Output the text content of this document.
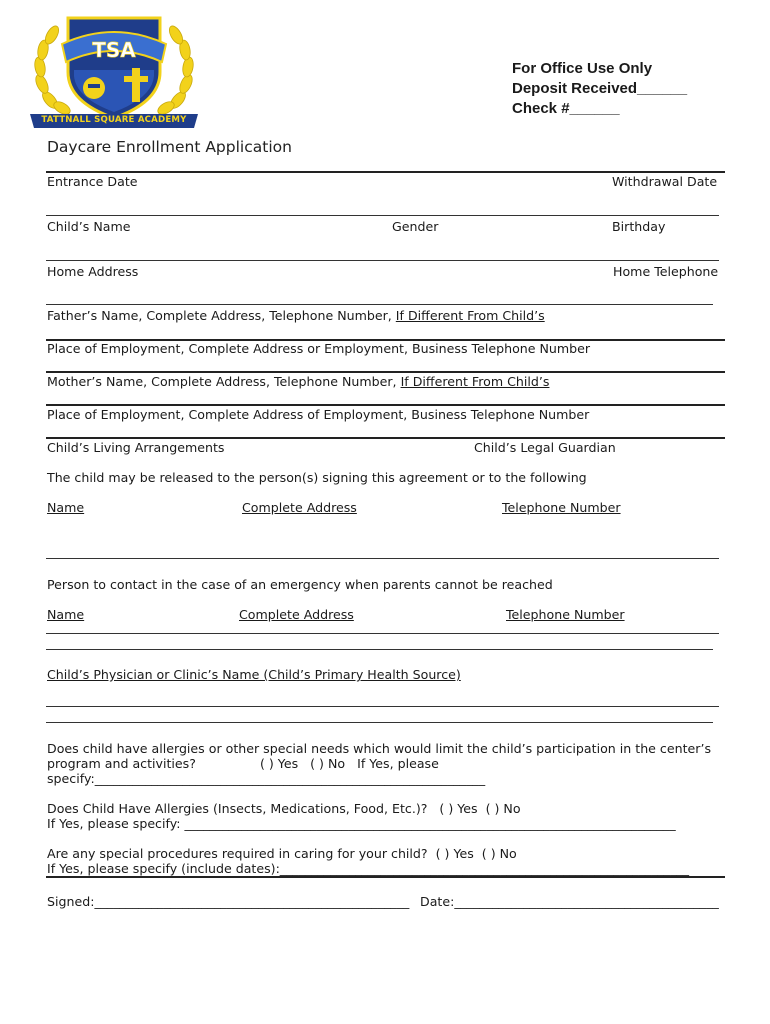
TSA
TATTNALL SQUARE ACADEMY
For Office Use Only
Deposit Received______
Check #______
Daycare Enrollment Application
Entrance Date	Withdrawal Date
Child’s Name	Gender	Birthday
Home Address	Home Telephone
Father’s Name, Complete Address, Telephone Number, If Different From Child’s
Place of Employment, Complete Address or Employment, Business Telephone Number
Mother’s Name, Complete Address, Telephone Number, If Different From Child’s
Place of Employment, Complete Address of Employment, Business Telephone Number
Child’s Living Arrangements	Child’s Legal Guardian
The child may be released to the person(s) signing this agreement or to the following
Name	Complete Address	Telephone Number
Person to contact in the case of an emergency when parents cannot be reached
Name	Complete Address	Telephone Number
Child’s Physician or Clinic’s Name (Child’s Primary Health Source)
Does child have allergies or other special needs which would limit the child’s participation in the center’s
program and activities?                ( ) Yes   ( ) No   If Yes, please
specify:______________________________________________________________
Does Child Have Allergies (Insects, Medications, Food, Etc.)?   ( ) Yes  ( ) No
If Yes, please specify: ______________________________________________________________________________
Are any special procedures required in caring for your child?  ( ) Yes  ( ) No
If Yes, please specify (include dates):_________________________________________________________________
Signed:__________________________________________________ Date:__________________________________________
